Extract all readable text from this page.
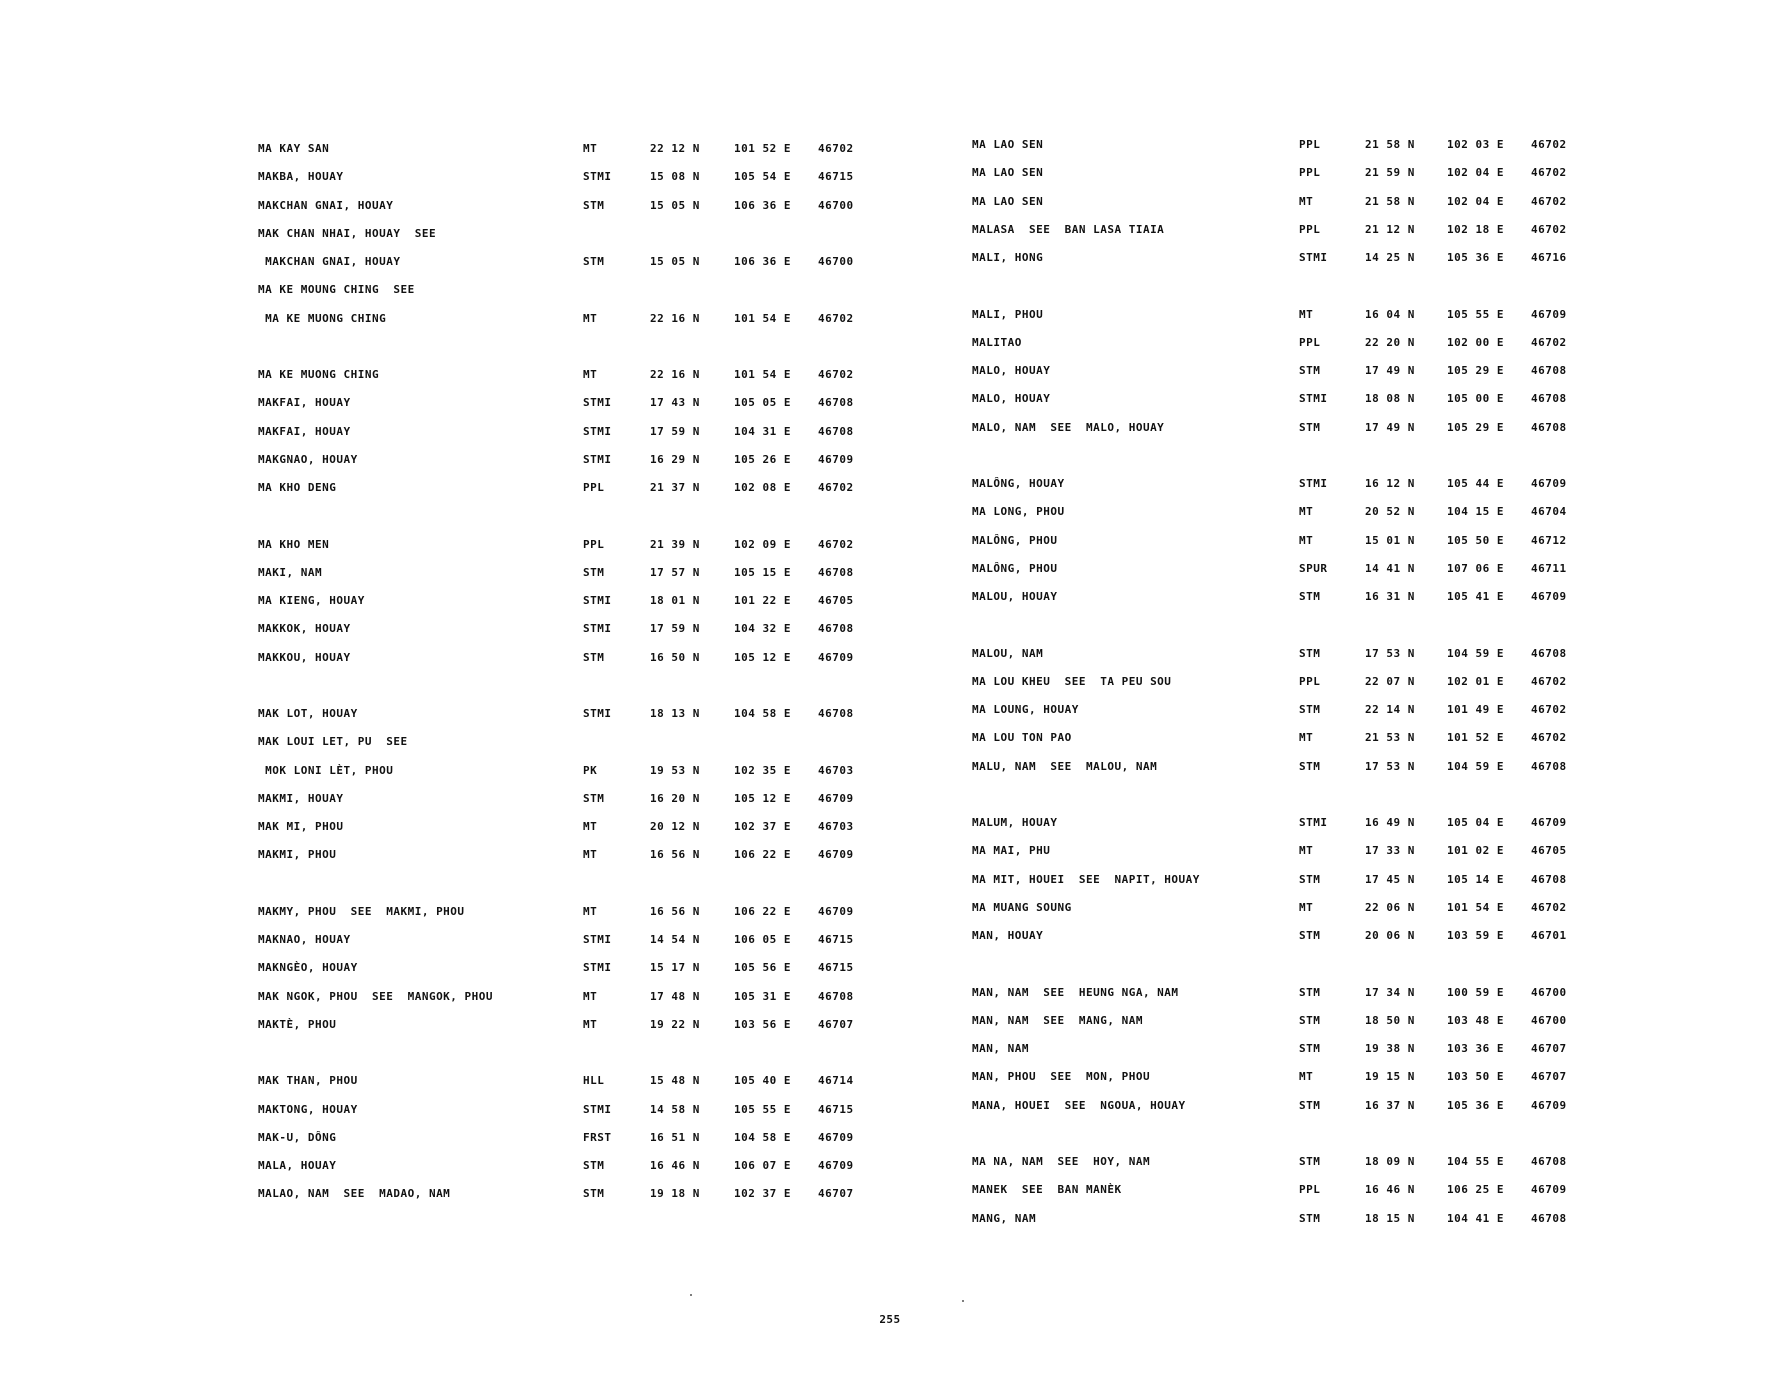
MA KAY SAN	MT	22 12 N	101 52 E 46702
MAKBA, HOUAY	STMI	15 08 N	105 54 E 46715
MAKCHAN GNAI, HOUAY	STM	15 05 N	106 36 E 46700
MAK CHAN NHAI, HOUAY  SEE
MAKCHAN GNAI, HOUAY	STM	15 05 N	106 36 E 46700
MA KE MOUNG CHING  SEE
MA KE MUONG CHING	MT	22 16 N	101 54 E 46702
MA KE MUONG CHING	MT	22 16 N	101 54 E 46702
MAKFAI, HOUAY	STMI	17 43 N	105 05 E 46708
MAKFAI, HOUAY	STMI	17 59 N	104 31 E 46708
MAKGNAO, HOUAY	STMI	16 29 N	105 26 E 46709
MA KHO DENG	PPL	21 37 N	102 08 E 46702
MA KHO MEN	PPL	21 39 N	102 09 E 46702
MAKI, NAM	STM	17 57 N	105 15 E 46708
MA KIENG, HOUAY	STMI	18 01 N	101 22 E 46705
MAKKOK, HOUAY	STMI	17 59 N	104 32 E 46708
MAKKOU, HOUAY	STM	16 50 N	105 12 E 46709
MAK LOT, HOUAY	STMI	18 13 N	104 58 E 46708
MAK LOUI LET, PU  SEE
MOK LONI LÈT, PHOU	PK	19 53 N	102 35 E 46703
MAKMI, HOUAY	STM	16 20 N	105 12 E 46709
MAK MI, PHOU	MT	20 12 N	102 37 E 46703
MAKMI, PHOU	MT	16 56 N	106 22 E 46709
MAKMY, PHOU  SEE  MAKMI, PHOU	MT	16 56 N	106 22 E 46709
MAKNAO, HOUAY	STMI	14 54 N	106 05 E 46715
MAKNGÈO, HOUAY	STMI	15 17 N	105 56 E 46715
MAK NGOK, PHOU  SEE  MANGOK, PHOU	MT	17 48 N	105 31 E 46708
MAKTÈ, PHOU	MT	19 22 N	103 56 E 46707
MAK THAN, PHOU	HLL	15 48 N	105 40 E 46714
MAKTONG, HOUAY	STMI	14 58 N	105 55 E 46715
MAK-U, DÔNG	FRST	16 51 N	104 58 E 46709
MALA, HOUAY	STM	16 46 N	106 07 E 46709
MALAO, NAM  SEE  MADAO, NAM	STM	19 18 N	102 37 E 46707
MA LAO SEN	PPL	21 58 N	102 03 E 46702
MA LAO SEN	PPL	21 59 N	102 04 E 46702
MA LAO SEN	MT	21 58 N	102 04 E 46702
MALASA  SEE  BAN LASA TIAIA	PPL	21 12 N	102 18 E 46702
MALI, HONG	STMI	14 25 N	105 36 E 46716
MALI, PHOU	MT	16 04 N	105 55 E 46709
MALITAO	PPL	22 20 N	102 00 E 46702
MALO, HOUAY	STM	17 49 N	105 29 E 46708
MALO, HOUAY	STMI	18 08 N	105 00 E 46708
MALO, NAM  SEE  MALO, HOUAY	STM	17 49 N	105 29 E 46708
MALÔNG, HOUAY	STMI	16 12 N	105 44 E 46709
MA LONG, PHOU	MT	20 52 N	104 15 E 46704
MALÔNG, PHOU	MT	15 01 N	105 50 E 46712
MALÔNG, PHOU	SPUR	14 41 N	107 06 E 46711
MALOU, HOUAY	STM	16 31 N	105 41 E 46709
MALOU, NAM	STM	17 53 N	104 59 E 46708
MA LOU KHEU  SEE  TA PEU SOU	PPL	22 07 N	102 01 E 46702
MA LOUNG, HOUAY	STM	22 14 N	101 49 E 46702
MA LOU TON PAO	MT	21 53 N	101 52 E 46702
MALU, NAM  SEE  MALOU, NAM	STM	17 53 N	104 59 E 46708
MALUM, HOUAY	STMI	16 49 N	105 04 E 46709
MA MAI, PHU	MT	17 33 N	101 02 E 46705
MA MIT, HOUEI  SEE  NAPIT, HOUAY	STM	17 45 N	105 14 E 46708
MA MUANG SOUNG	MT	22 06 N	101 54 E 46702
MAN, HOUAY	STM	20 06 N	103 59 E 46701
MAN, NAM  SEE  HEUNG NGA, NAM	STM	17 34 N	100 59 E 46700
MAN, NAM  SEE  MANG, NAM	STM	18 50 N	103 48 E 46700
MAN, NAM	STM	19 38 N	103 36 E 46707
MAN, PHOU  SEE  MON, PHOU	MT	19 15 N	103 50 E 46707
MANA, HOUEI  SEE  NGOUA, HOUAY	STM	16 37 N	105 36 E 46709
MA NA, NAM  SEE  HOY, NAM	STM	18 09 N	104 55 E 46708
MANEK  SEE  BAN MANÈK	PPL	16 46 N	106 25 E 46709
MANG, NAM	STM	18 15 N	104 41 E 46708
255
